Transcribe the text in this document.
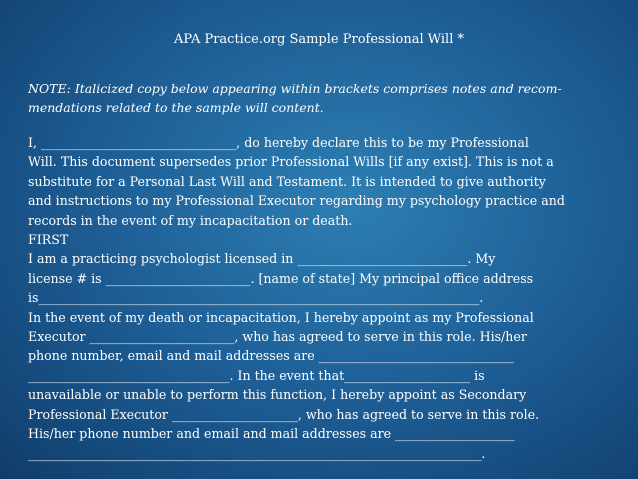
APA Practice.org Sample Professional Will *
NOTE: Italicized copy below appearing within brackets comprises notes and recom-
mendations related to the sample will content.
I, _______________________________, do hereby declare this to be my Professional
Will. This document supersedes prior Professional Wills [if any exist]. This is not a
substitute for a Personal Last Will and Testament. It is intended to give authority
and instructions to my Professional Executor regarding my psychology practice and
records in the event of my incapacitation or death.
FIRST
I am a practicing psychologist licensed in ___________________________. My
license # is _______________________. [name of state] My principal office address
is______________________________________________________________________.
In the event of my death or incapacitation, I hereby appoint as my Professional
Executor _______________________, who has agreed to serve in this role. His/her
phone number, email and mail addresses are _______________________________
________________________________. In the event that____________________ is
unavailable or unable to perform this function, I hereby appoint as Secondary
Professional Executor ____________________, who has agreed to serve in this role.
His/her phone number and email and mail addresses are ___________________
________________________________________________________________________.
